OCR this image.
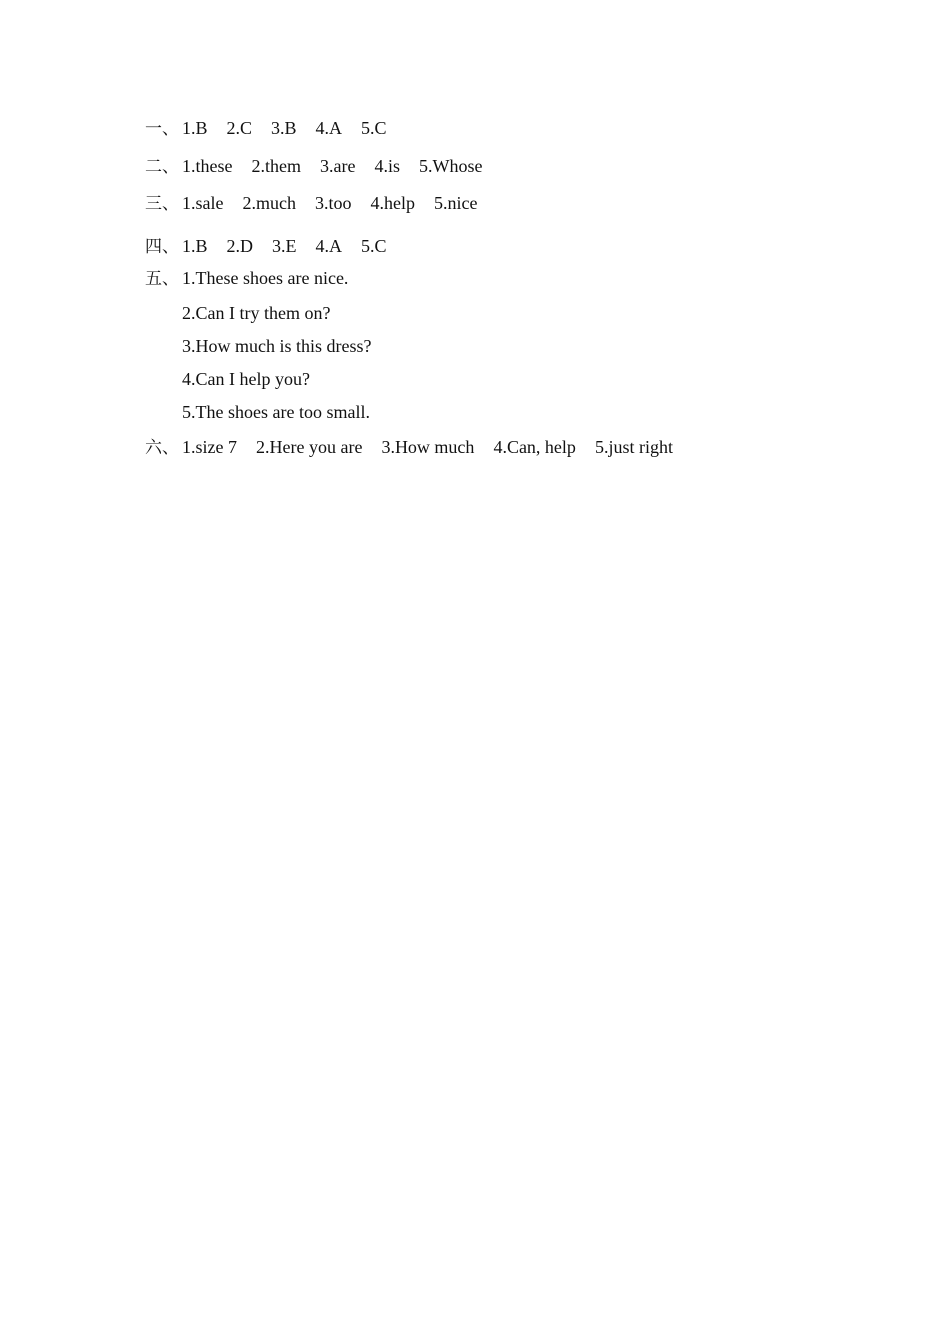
一、 1.B 2.C 3.B 4.A 5.C
二、 1.these 2.them 3.are 4.is 5.Whose
三、 1.sale 2.much 3.too 4.help 5.nice
四、 1.B 2.D 3.E 4.A 5.C
五、 1.These shoes are nice.
2.Can I try them on?
3.How much is this dress?
4.Can I help you?
5.The shoes are too small.
六、 1.size 7 2.Here you are 3.How much 4.Can, help 5.just right
